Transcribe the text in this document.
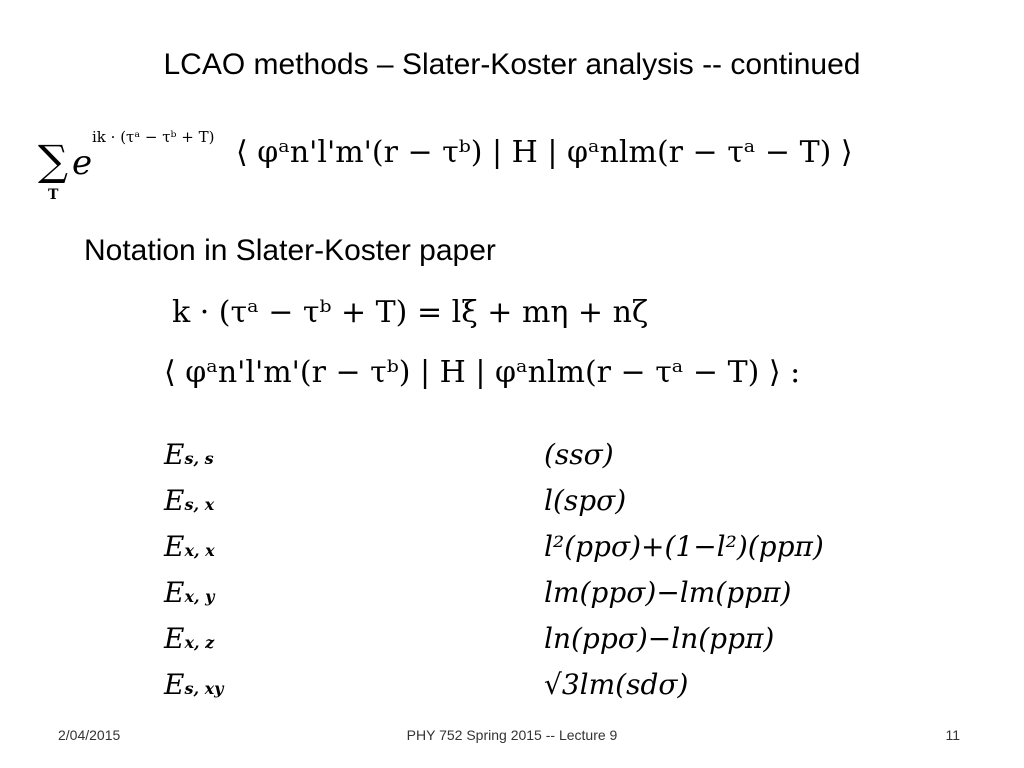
LCAO methods – Slater-Koster analysis -- continued
∑
T
e
ik · (τᵃ − τᵇ + T) ⟨ φᵃn'l'm'(r − τᵇ) | H | φᵃnlm(r − τᵃ − T) ⟩
Notation in Slater-Koster paper
k · (τᵃ − τᵇ + T) = lξ + mη + nζ
⟨ φᵃn'l'm'(r − τᵇ) | H | φᵃnlm(r − τᵃ − T) ⟩ :
Es, s	(ssσ)
Es, x	l(spσ)
Ex, x	l²(ppσ)+(1−l²)(ppπ)
Ex, y	lm(ppσ)−lm(ppπ)
Ex, z	ln(ppσ)−ln(ppπ)
Es, xy	√3lm(sdσ)
2/04/2015	PHY 752 Spring 2015 -- Lecture 9	11
